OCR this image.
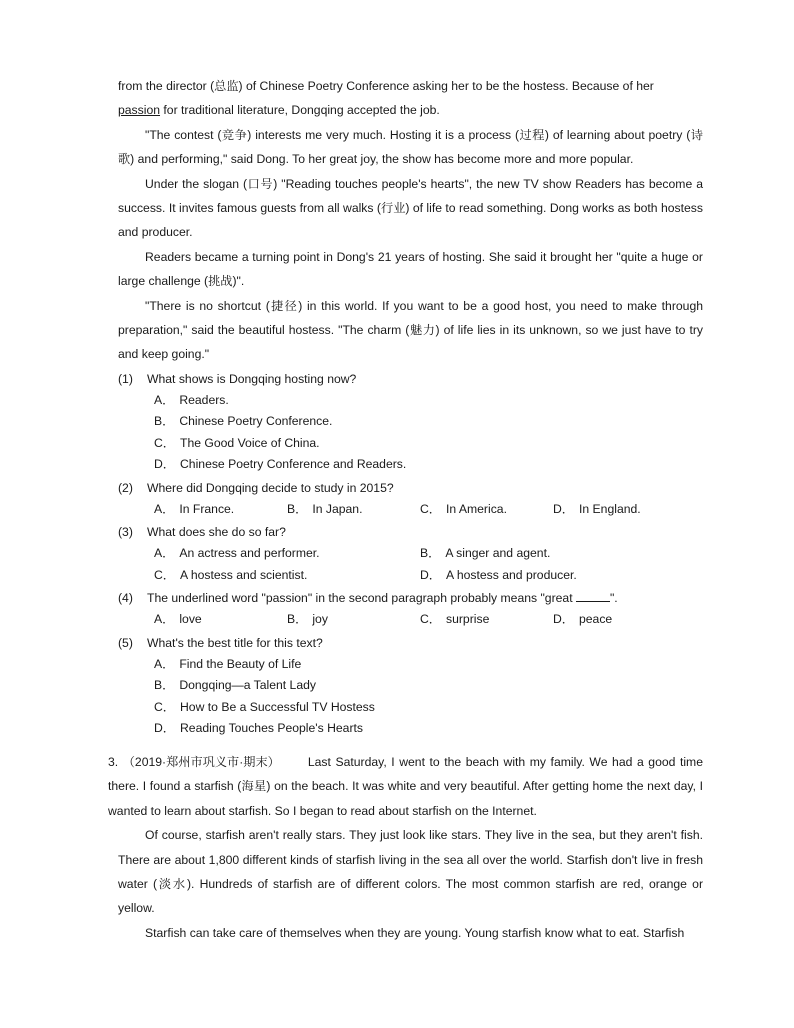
from the director (总监) of Chinese Poetry Conference asking her to be the hostess. Because of her
passion for traditional literature, Dongqing accepted the job.

"The contest (竞争) interests me very much. Hosting it is a process (过程) of learning about poetry (诗歌) and performing," said Dong. To her great joy, the show has become more and more popular.

Under the slogan (口号) "Reading touches people's hearts", the new TV show Readers has become a success. It invites famous guests from all walks (行业) of life to read something. Dong works as both hostess and producer.

Readers became a turning point in Dong's 21 years of hosting. She said it brought her "quite a huge or large challenge (挑战)".

"There is no shortcut (捷径) in this world. If you want to be a good host, you need to make through preparation," said the beautiful hostess. "The charm (魅力) of life lies in its unknown, so we just have to try and keep going."

(1) What shows is Dongqing hosting now?
A． Readers.
B． Chinese Poetry Conference.
C． The Good Voice of China.
D． Chinese Poetry Conference and Readers.
(2) Where did Dongqing decide to study in 2015?
A． In France.	B． In Japan.	C． In America.	D． In England.
(3) What does she do so far?
A． An actress and performer.	B． A singer and agent.
C． A hostess and scientist.	D． A hostess and producer.
(4) The underlined word "passion" in the second paragraph probably means "great	".
A． love	B． joy	C． surprise	D． peace
(5) What's the best title for this text?
A． Find the Beauty of Life
B． Dongqing—a Talent Lady
C． How to Be a Successful TV Hostess
D． Reading Touches People's Hearts

3. （2019·郑州市巩义市·期末） Last Saturday, I went to the beach with my family. We had a good time there. I found a starfish (海星) on the beach. It was white and very beautiful. After getting home the next day, I wanted to learn about starfish. So I began to read about starfish on the Internet.

Of course, starfish aren't really stars. They just look like stars. They live in the sea, but they aren't fish. There are about 1,800 different kinds of starfish living in the sea all over the world. Starfish don't live in fresh water (淡水). Hundreds of starfish are of different colors. The most common starfish are red, orange or yellow.

Starfish can take care of themselves when they are young. Young starfish know what to eat. Starfish
